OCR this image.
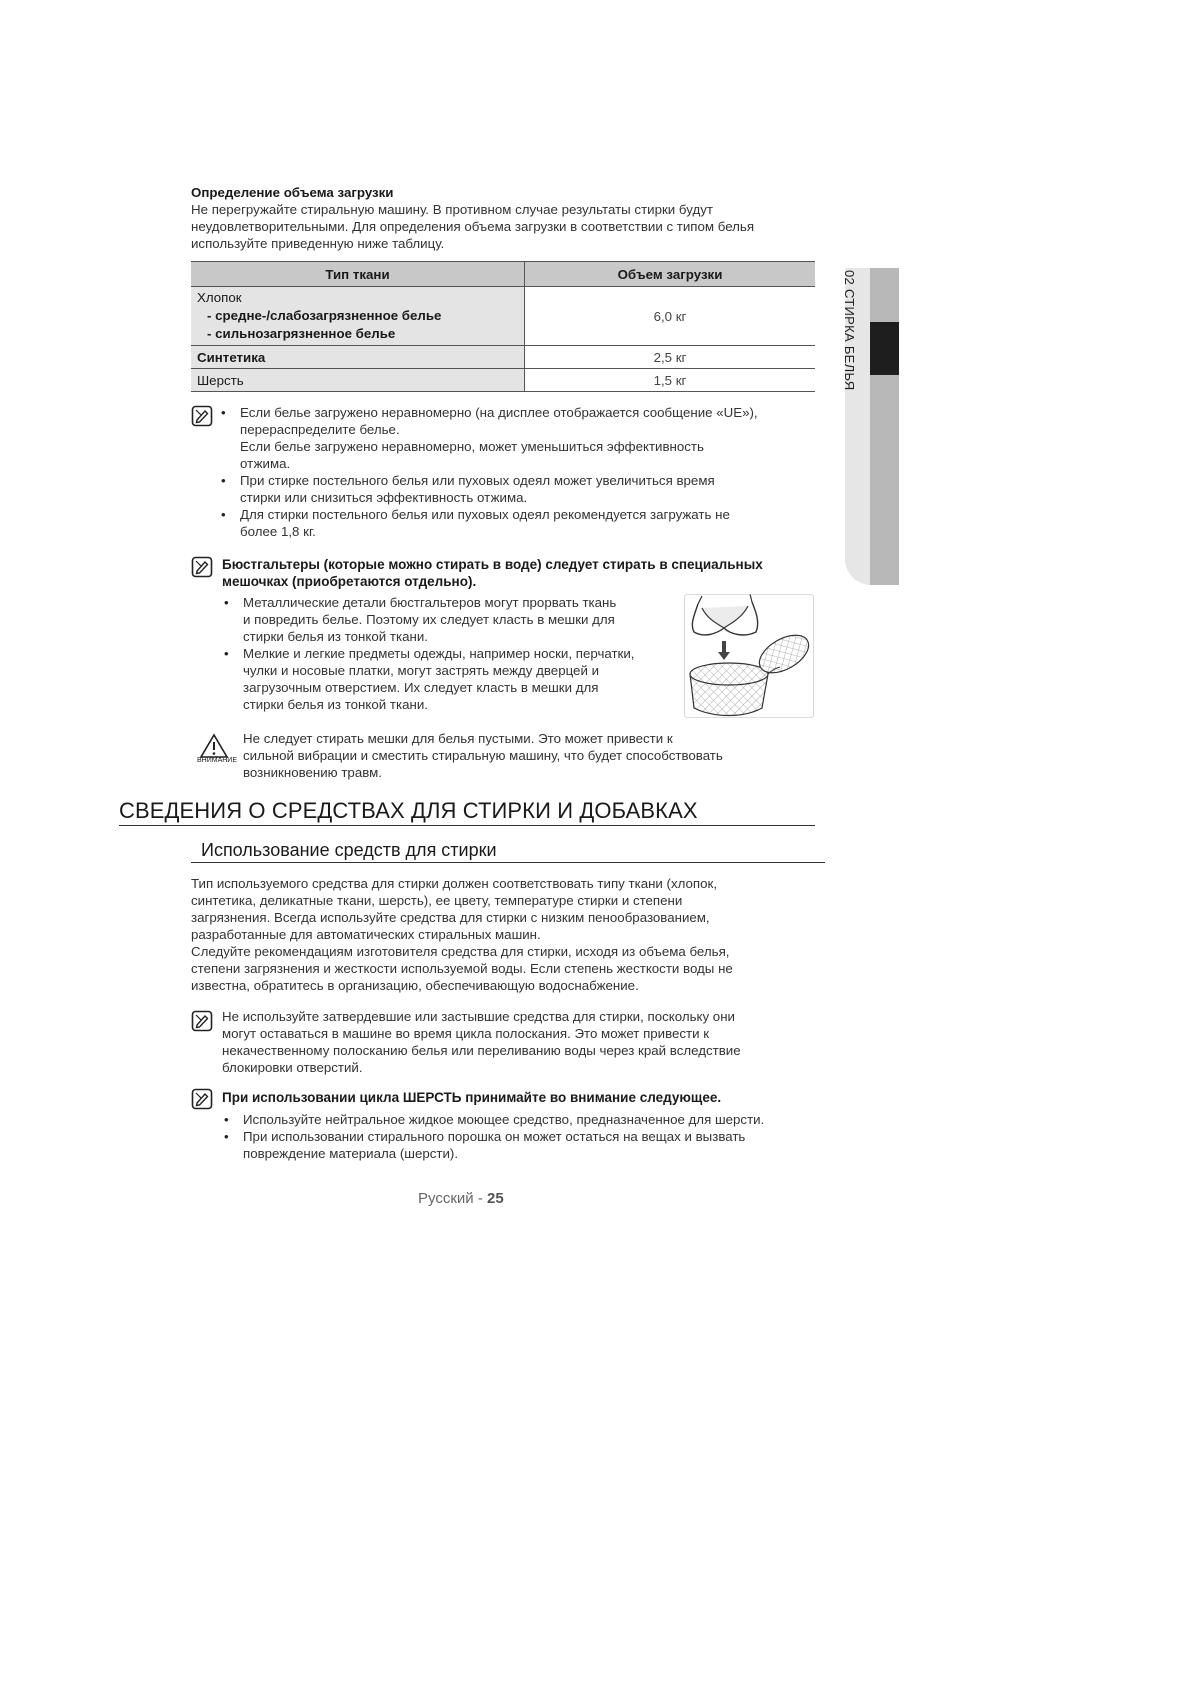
02 СТИРКА БЕЛЬЯ

Определение объема загрузки

Не перегружайте стиральную машину. В противном случае результаты стирки будут

неудовлетворительными. Для определения объема загрузки в соответствии с типом белья

используйте приведенную ниже таблицу.

Тип ткани	Объем загрузки

Хлопок
- средне-/слабозагрязненное белье
- сильнозагрязненное белье	6,0 кг
Синтетика	2,5 кг
Шерсть	1,5 кг

• Если белье загружено неравномерно (на дисплее отображается сообщение «UE»),

перераспределите белье.

Если белье загружено неравномерно, может уменьшиться эффективность

отжима.

• При стирке постельного белья или пуховых одеял может увеличиться время

стирки или снизиться эффективность отжима.

• Для стирки постельного белья или пуховых одеял рекомендуется загружать не

более 1,8 кг.

Бюстгальтеры (которые можно стирать в воде) следует стирать в специальных

мешочках (приобретаются отдельно).

• Металлические детали бюстгальтеров могут прорвать ткань

и повредить белье. Поэтому их следует класть в мешки для

стирки белья из тонкой ткани.

• Мелкие и легкие предметы одежды, например носки, перчатки,

чулки и носовые платки, могут застрять между дверцей и

загрузочным отверстием. Их следует класть в мешки для

стирки белья из тонкой ткани.

ВНИМАНИЕ

Не следует стирать мешки для белья пустыми. Это может привести к

сильной вибрации и сместить стиральную машину, что будет способствовать

возникновению травм.

СВЕДЕНИЯ О СРЕДСТВАХ ДЛЯ СТИРКИ И ДОБАВКАХ
Использование средств для стирки

Тип используемого средства для стирки должен соответствовать типу ткани (хлопок,

синтетика, деликатные ткани, шерсть), ее цвету, температуре стирки и степени

загрязнения. Всегда используйте средства для стирки с низким пенообразованием,

разработанные для автоматических стиральных машин.

Следуйте рекомендациям изготовителя средства для стирки, исходя из объема белья,

степени загрязнения и жесткости используемой воды. Если степень жесткости воды не

известна, обратитесь в организацию, обеспечивающую водоснабжение.

Не используйте затвердевшие или застывшие средства для стирки, поскольку они

могут оставаться в машине во время цикла полоскания. Это может привести к

некачественному полосканию белья или переливанию воды через край вследствие

блокировки отверстий.

При использовании цикла ШЕРСТЬ принимайте во внимание следующее.

• Используйте нейтральное жидкое моющее средство, предназначенное для шерсти.

• При использовании стирального порошка он может остаться на вещах и вызвать

повреждение материала (шерсти).

Русский - 25
